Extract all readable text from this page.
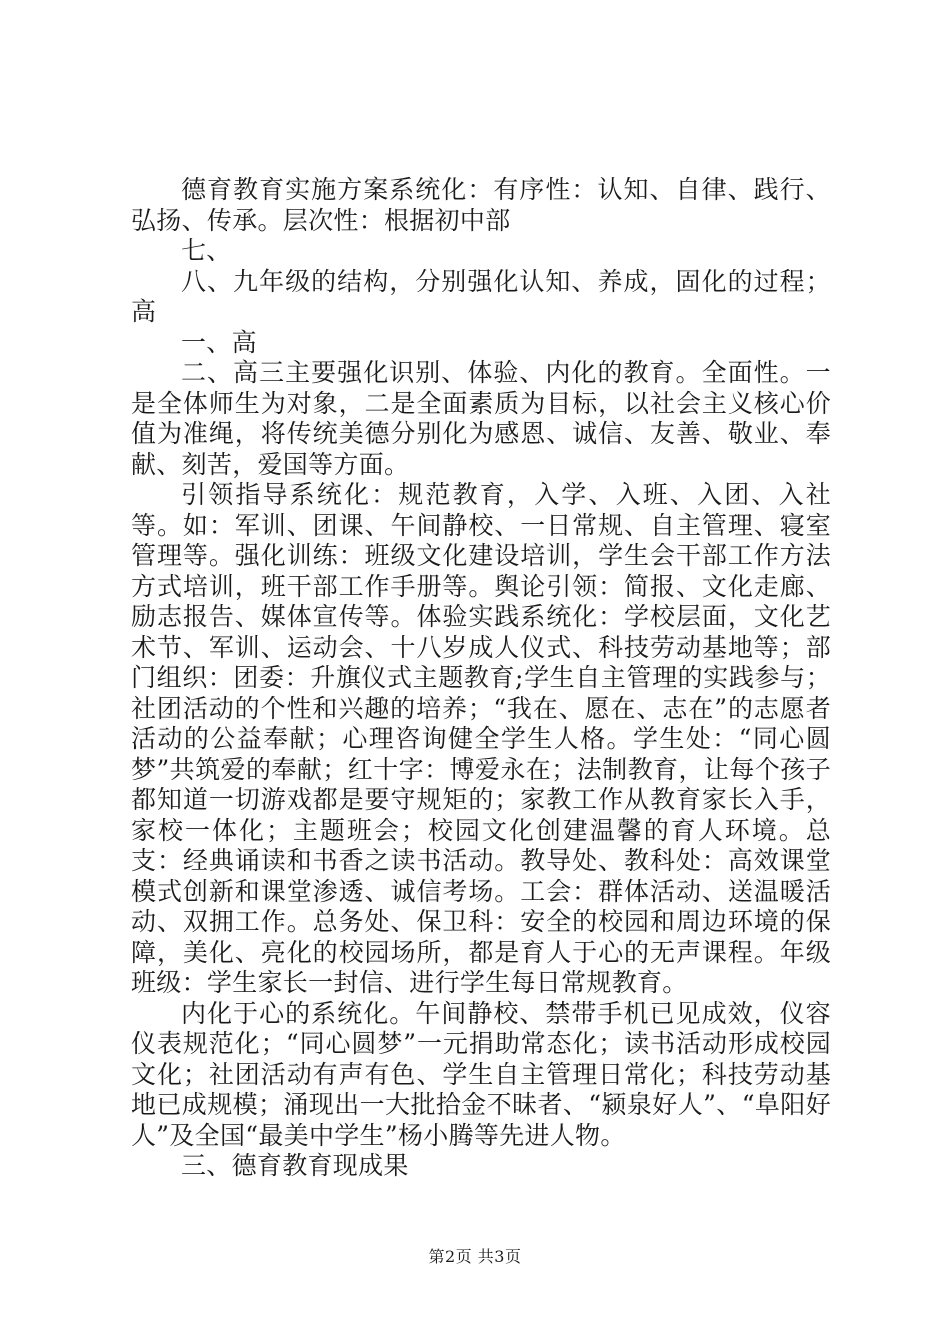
德育教育实施方案系统化：有序性：认知、自律、践行、弘扬、传承。层次性：根据初中部

七、

八、九年级的结构，分别强化认知、养成，固化的过程；高

一、高

二、高三主要强化识别、体验、内化的教育。全面性。一是全体师生为对象，二是全面素质为目标，以社会主义核心价值为准绳，将传统美德分别化为感恩、诚信、友善、敬业、奉献、刻苦，爱国等方面。

引领指导系统化：规范教育，入学、入班、入团、入社等。如：军训、团课、午间静校、一日常规、自主管理、寝室管理等。强化训练：班级文化建设培训，学生会干部工作方法方式培训，班干部工作手册等。舆论引领：简报、文化走廊、励志报告、媒体宣传等。体验实践系统化：学校层面，文化艺术节、军训、运动会、十八岁成人仪式、科技劳动基地等；部门组织：团委：升旗仪式主题教育;学生自主管理的实践参与；社团活动的个性和兴趣的培养；“我在、愿在、志在”的志愿者活动的公益奉献；心理咨询健全学生人格。学生处：“同心圆梦”共筑爱的奉献；红十字：博爱永在；法制教育，让每个孩子都知道一切游戏都是要守规矩的；家教工作从教育家长入手，家校一体化；主题班会；校园文化创建温馨的育人环境。总支：经典诵读和书香之读书活动。教导处、教科处：高效课堂模式创新和课堂渗透、诚信考场。工会：群体活动、送温暖活动、双拥工作。总务处、保卫科：安全的校园和周边环境的保障，美化、亮化的校园场所，都是育人于心的无声课程。年级班级：学生家长一封信、进行学生每日常规教育。

内化于心的系统化。午间静校、禁带手机已见成效，仪容仪表规范化；“同心圆梦”一元捐助常态化；读书活动形成校园文化；社团活动有声有色、学生自主管理日常化；科技劳动基地已成规模；涌现出一大批拾金不昧者、“颍泉好人”、“阜阳好人”及全国“最美中学生”杨小腾等先进人物。

三、德育教育现成果

第2页 共3页
